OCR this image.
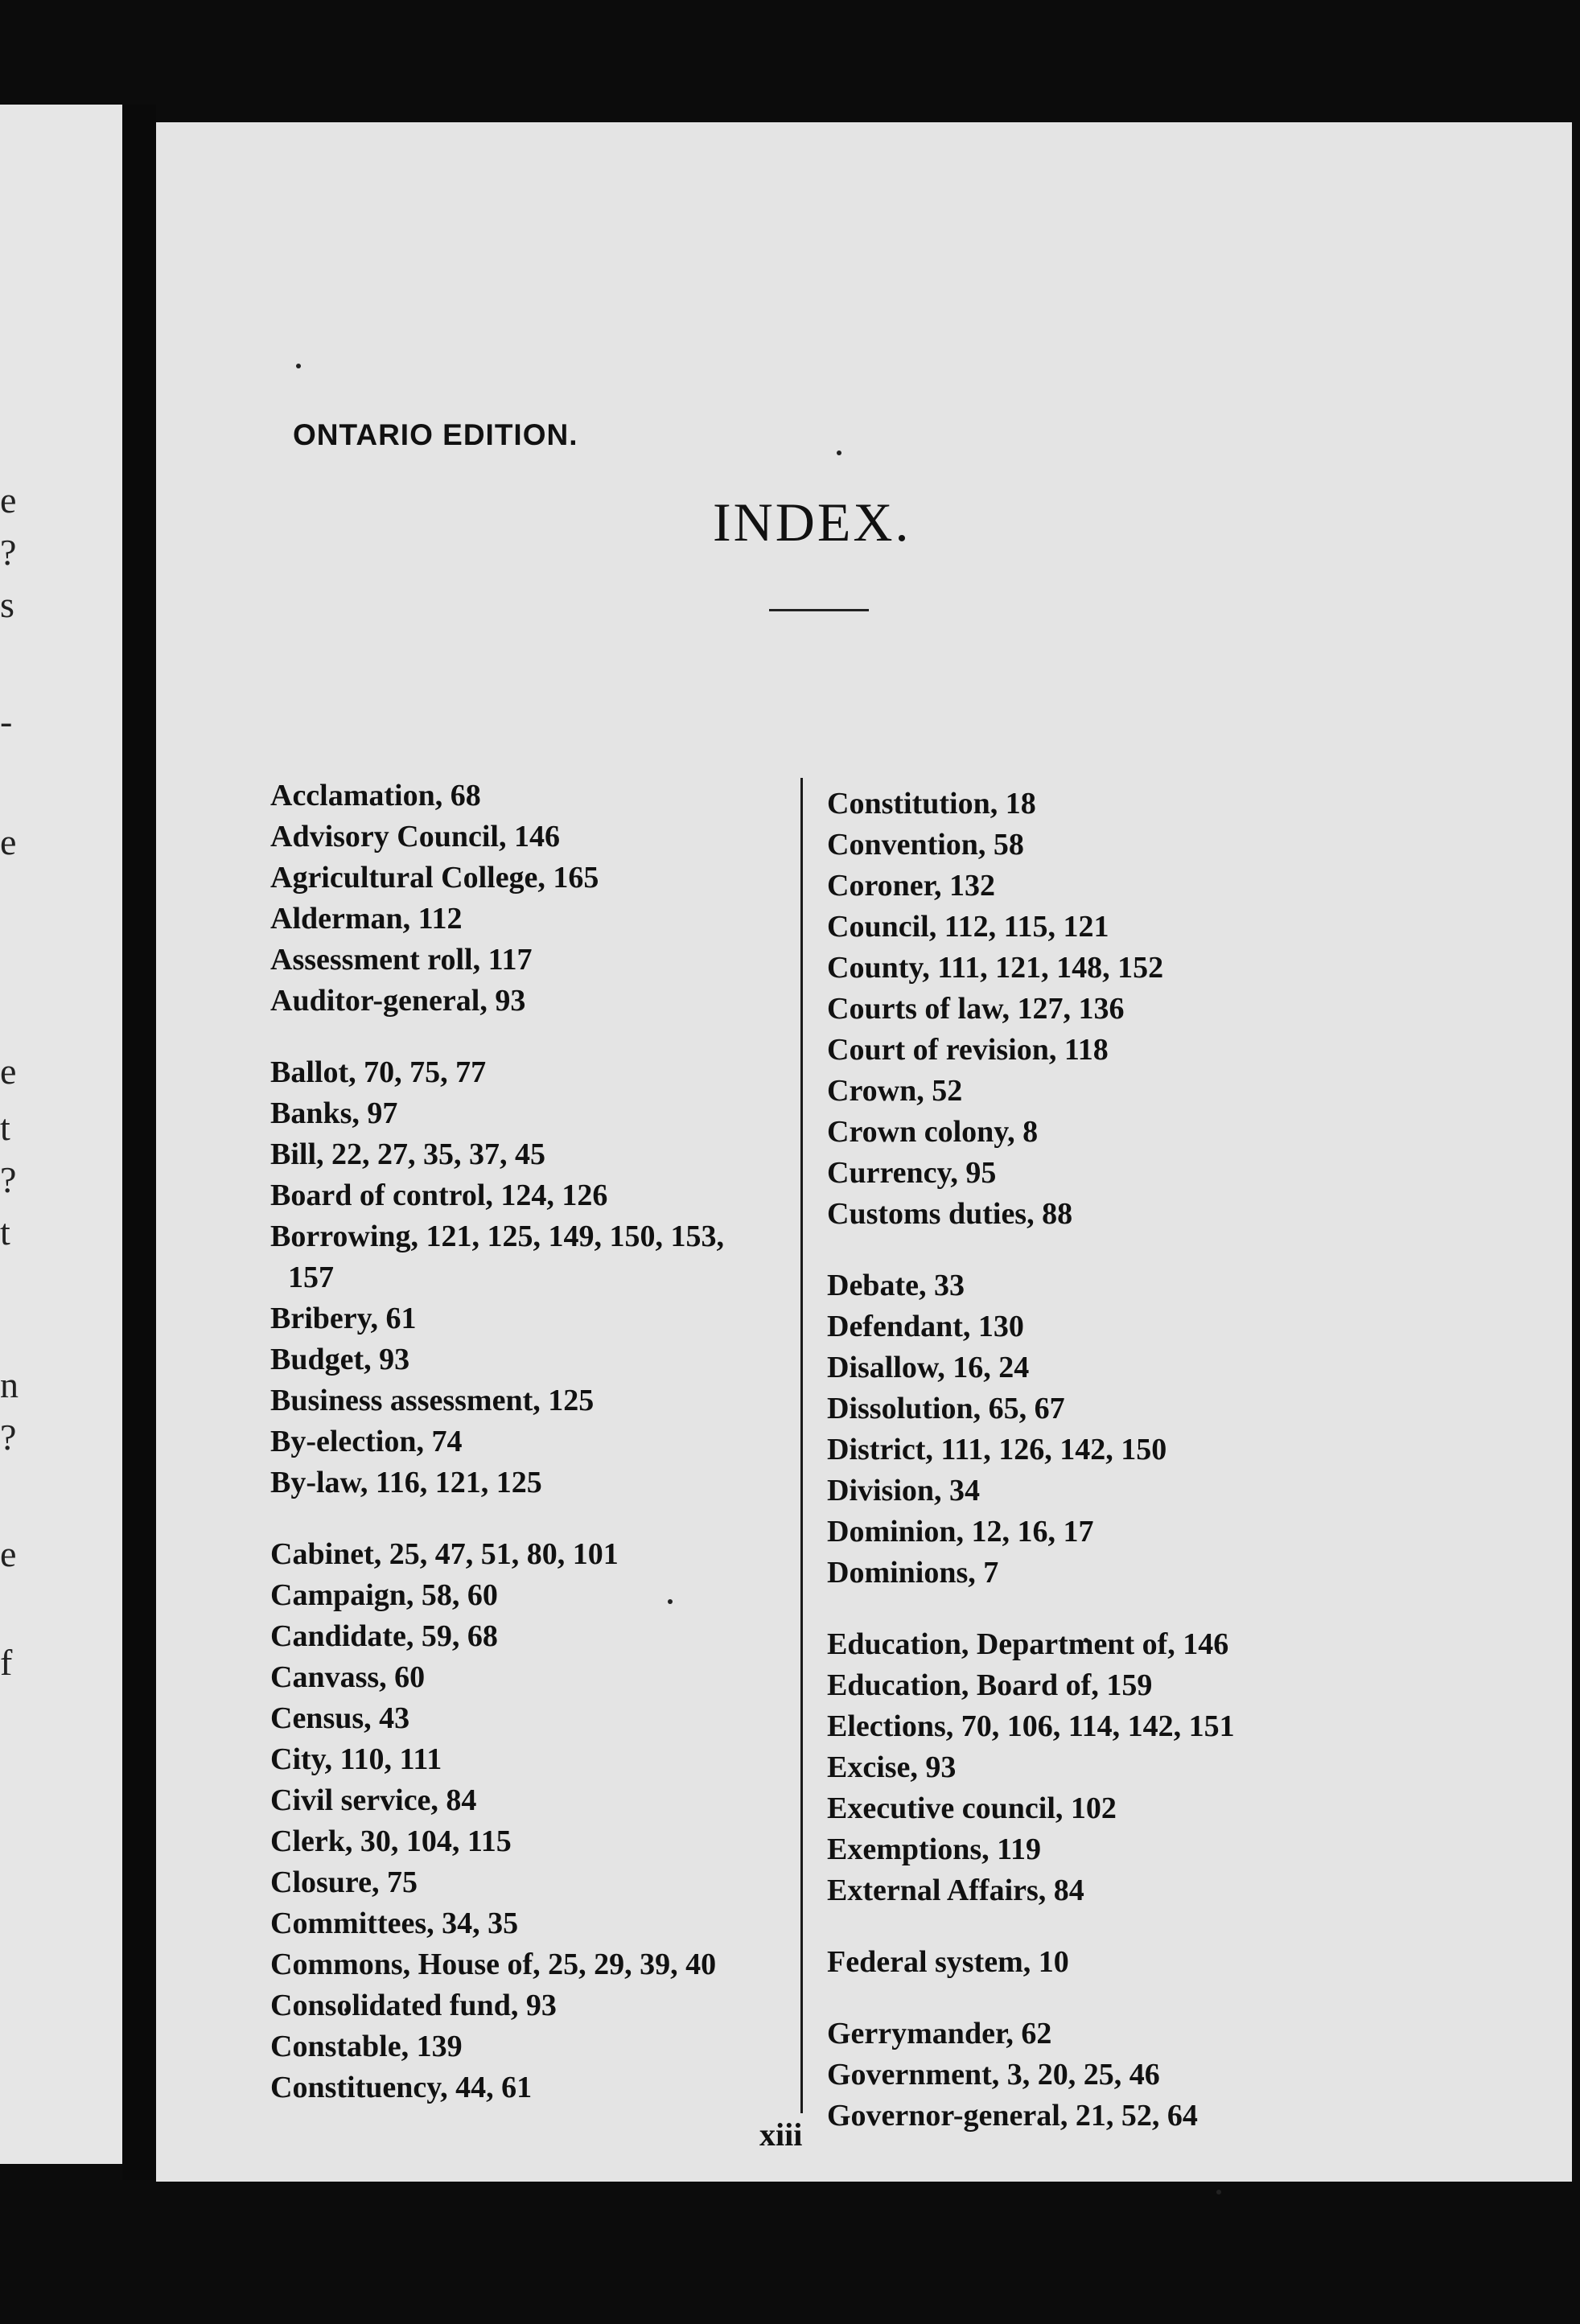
e
?
s
-
e
e
t
?
t
n
?
e
f
ONTARIO EDITION.
INDEX.
Acclamation, 68
Advisory Council, 146
Agricultural College, 165
Alderman, 112
Assessment roll, 117
Auditor-general, 93
Ballot, 70, 75, 77
Banks, 97
Bill, 22, 27, 35, 37, 45
Board of control, 124, 126
Borrowing, 121, 125, 149, 150, 153,
157
Bribery, 61
Budget, 93
Business assessment, 125
By-election, 74
By-law, 116, 121, 125
Cabinet, 25, 47, 51, 80, 101
Campaign, 58, 60
Candidate, 59, 68
Canvass, 60
Census, 43
City, 110, 111
Civil service, 84
Clerk, 30, 104, 115
Closure, 75
Committees, 34, 35
Commons, House of, 25, 29, 39, 40
Consolidated fund, 93
Constable, 139
Constituency, 44, 61
Constitution, 18
Convention, 58
Coroner, 132
Council, 112, 115, 121
County, 111, 121, 148, 152
Courts of law, 127, 136
Court of revision, 118
Crown, 52
Crown colony, 8
Currency, 95
Customs duties, 88
Debate, 33
Defendant, 130
Disallow, 16, 24
Dissolution, 65, 67
District, 111, 126, 142, 150
Division, 34
Dominion, 12, 16, 17
Dominions, 7
Education, Department of, 146
Education, Board of, 159
Elections, 70, 106, 114, 142, 151
Excise, 93
Executive council, 102
Exemptions, 119
External Affairs, 84
Federal system, 10
Gerrymander, 62
Government, 3, 20, 25, 46
Governor-general, 21, 52, 64
xiii
